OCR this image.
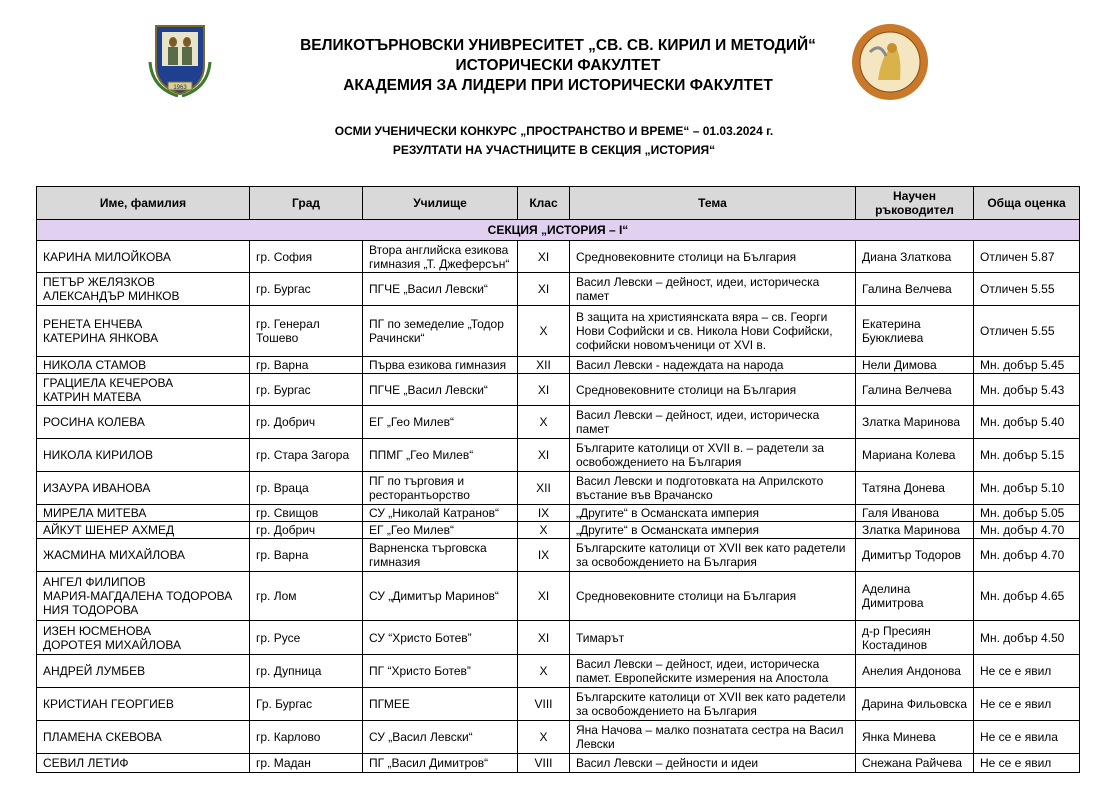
1963
ВЕЛИКОТЪРНОВСКИ УНИВРЕСИТЕТ „СВ. СВ. КИРИЛ И МЕТОДИЙ“
ИСТОРИЧЕСКИ ФАКУЛТЕТ
АКАДЕМИЯ ЗА ЛИДЕРИ ПРИ ИСТОРИЧЕСКИ ФАКУЛТЕТ
ОСМИ УЧЕНИЧЕСКИ КОНКУРС „ПРОСТРАНСТВО И ВРЕМЕ“ – 01.03.2024 г.
РЕЗУЛТАТИ НА УЧАСТНИЦИТЕ В СЕКЦИЯ „ИСТОРИЯ“
Име, фамилия	Град	Училище	Клас	Тема	Научен ръководител	Обща оценка
СЕКЦИЯ „ИСТОРИЯ – I“						

КАРИНА МИЛОЙКОВА	гр. София	Втора английска езикова
гимназия „Т. Джеферсън“	XI	Средновековните столици на България	Диана Златкова	Отличен 5.87

ПЕТЪР ЖЕЛЯЗКОВ
АЛЕКСАНДЪР МИНКОВ	гр. Бургас	ПГЧЕ „Васил Левски“	XI	Васил Левски – дейност, идеи, историческа
памет	Галина Велчева	Отличен 5.55

РЕНЕТА ЕНЧЕВА
КАТЕРИНА ЯНКОВА	гр. Генерал
Тошево	ПГ по земеделие „Тодор
Рачински“	X	В защита на християнската вяра – св. Георги
Нови Софийски и св. Никола Нови Софийски,
софийски новомъченици от XVI в.	Екатерина
Буюклиева	Отличен 5.55

НИКОЛА СТАМОВ	гр. Варна	Първа езикова гимназия	XII	Васил Левски - надеждата на народа	Нели Димова	Мн. добър 5.45

ГРАЦИЕЛА КЕЧЕРОВА
КАТРИН МАТЕВА	гр. Бургас	ПГЧЕ „Васил Левски“	XI	Средновековните столици на България	Галина Велчева	Мн. добър 5.43

РОСИНА КОЛЕВА	гр. Добрич	ЕГ „Гео Милев“	X	Васил Левски – дейност, идеи, историческа
памет	Златка Маринова	Мн. добър 5.40

НИКОЛА КИРИЛОВ	гр. Стара Загора	ППМГ „Гео Милев“	XI	Българите католици от XVII в. – радетели за
освобождението на България	Мариана Колева	Мн. добър 5.15

ИЗАУРА ИВАНОВА	гр. Враца	ПГ по търговия и
ресторантьорство	XII	Васил Левски и подготовката на Априлското
въстание във Врачанско	Татяна Донева	Мн. добър 5.10

МИРЕЛА МИТЕВА	гр. Свищов	СУ „Николай Катранов“	IX	„Другите“ в Османската империя	Галя Иванова	Мн. добър 5.05

АЙКУТ ШЕНЕР АХМЕД	гр. Добрич	ЕГ „Гео Милев“	X	„Другите“ в Османската империя	Златка Маринова	Мн. добър 4.70

ЖАСМИНА МИХАЙЛОВА	гр. Варна	Варненска търговска
гимназия	IX	Българските католици от XVII век като радетели
за освобождението на България	Димитър Тодоров	Мн. добър 4.70

АНГЕЛ ФИЛИПОВ
МАРИЯ-МАГДАЛЕНА ТОДОРОВА
НИЯ ТОДОРОВА	гр. Лом	СУ „Димитър Маринов“	XI	Средновековните столици на България	Аделина
Димитрова	Мн. добър 4.65

ИЗЕН ЮСМЕНОВА
ДОРОТЕЯ МИХАЙЛОВА	гр. Русе	СУ “Христо Ботев”	XI	Тимарът	д-р Пресиян
Костадинов	Мн. добър 4.50

АНДРЕЙ ЛУМБЕВ	гр. Дупница	ПГ “Христо Ботев”	X	Васил Левски – дейност, идеи, историческа
памет. Европейските измерения на Апостола	Анелия Андонова	Не се е явил

КРИСТИАН ГЕОРГИЕВ	Гр. Бургас	ПГМЕЕ	VIII	Българските католици от XVII век като радетели
за освобождението на България	Дарина Фильовска	Не се е явил

ПЛАМЕНА СКЕВОВА	гр. Карлово	СУ „Васил Левски“	X	Яна Начова – малко познатата сестра на Васил
Левски	Янка Минева	Не се е явила

СЕВИЛ ЛЕТИФ	гр. Мадан	ПГ „Васил Димитров“	VIII	Васил Левски – дейности и идеи	Снежана Райчева	Не се е явил
